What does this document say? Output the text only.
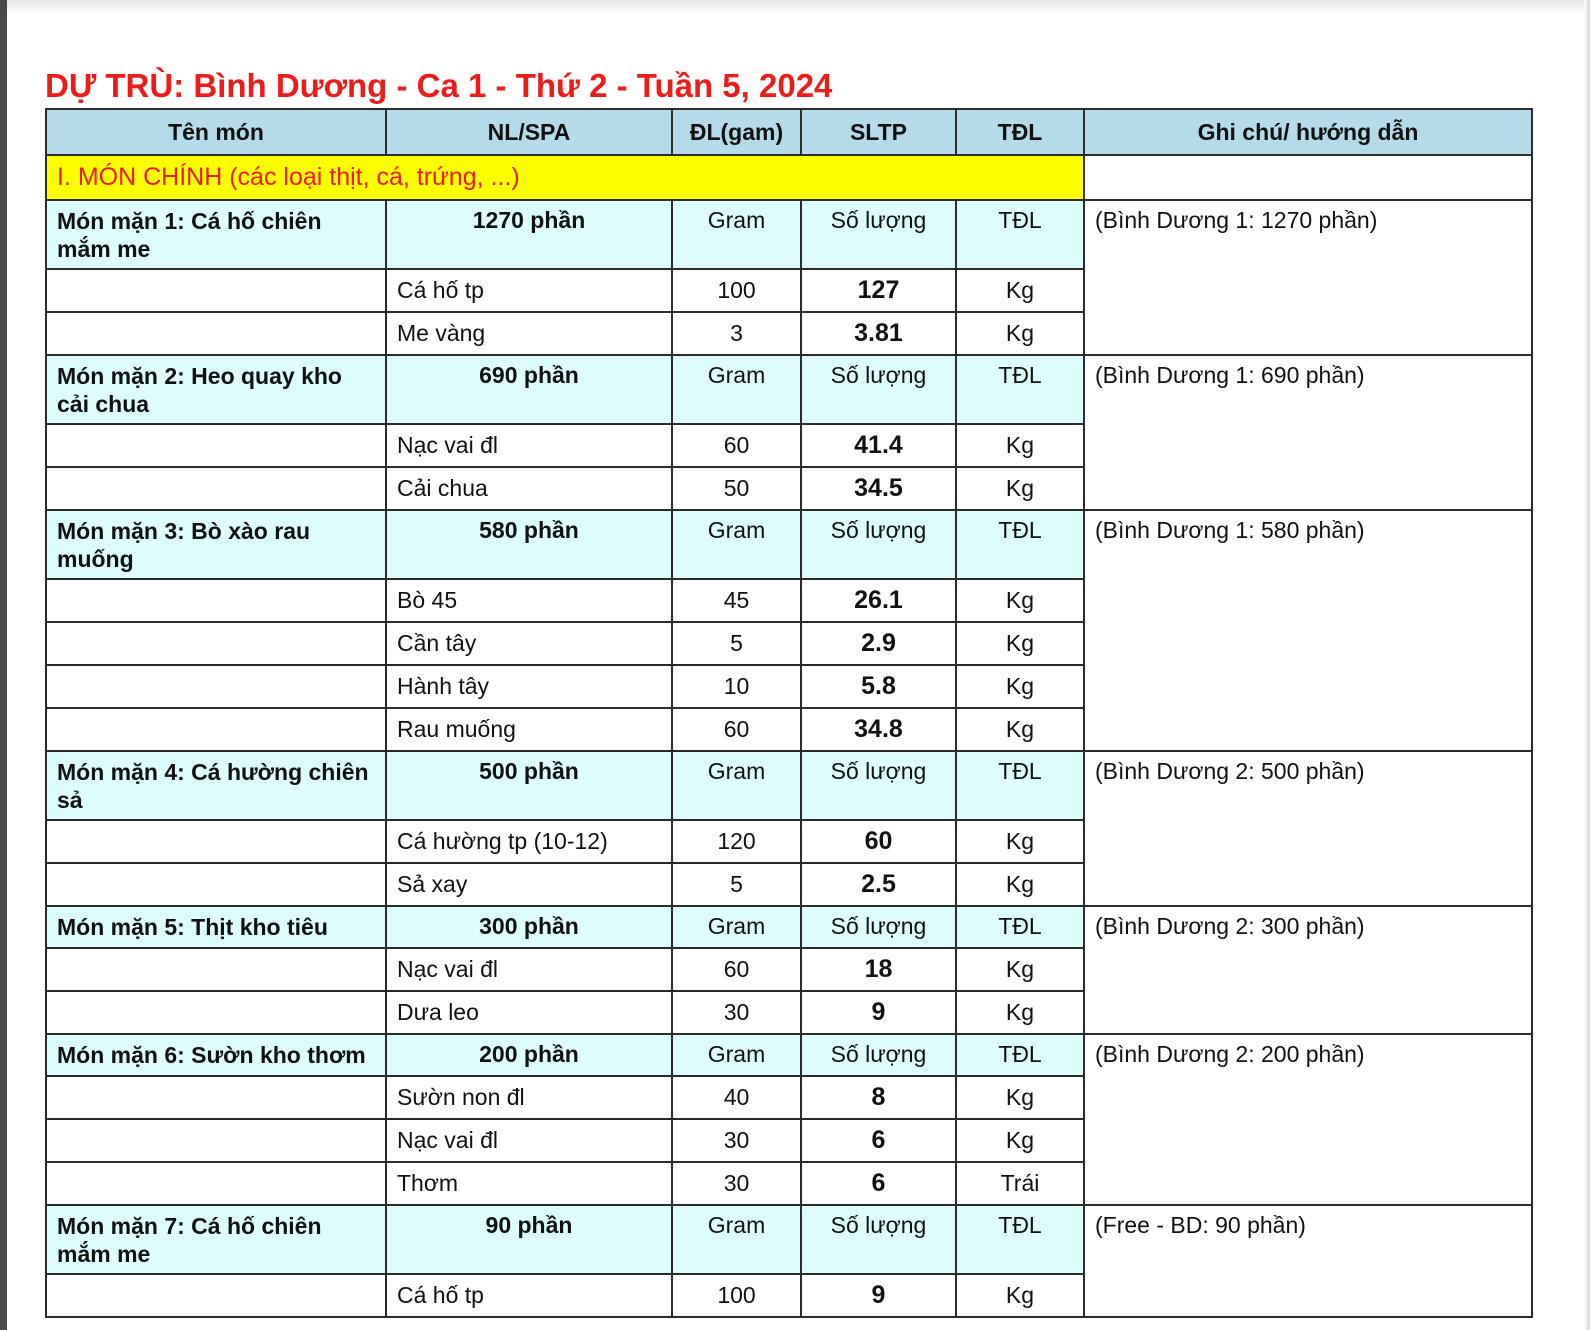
DỰ TRÙ: Bình Dương - Ca 1 - Thứ 2 - Tuần 5, 2024
Tên món	NL/SPA	ĐL(gam)	SLTP	TĐL	Ghi chú/ hướng dẫn
I. MÓN CHÍNH (các loại thịt, cá, trứng, ...)					
Món mặn 1: Cá hố chiên mắm me	1270 phần	Gram	Số lượng	TĐL	(Bình Dương 1: 1270 phần)
	Cá hố tp	100	127	Kg	
	Me vàng	3	3.81	Kg	
Món mặn 2: Heo quay kho cải chua	690 phần	Gram	Số lượng	TĐL	(Bình Dương 1: 690 phần)
	Nạc vai đl	60	41.4	Kg	
	Cải chua	50	34.5	Kg	
Món mặn 3: Bò xào rau muống	580 phần	Gram	Số lượng	TĐL	(Bình Dương 1: 580 phần)
	Bò 45	45	26.1	Kg	
	Cần tây	5	2.9	Kg	
	Hành tây	10	5.8	Kg	
	Rau muống	60	34.8	Kg	
Món mặn 4: Cá hường chiên sả	500 phần	Gram	Số lượng	TĐL	(Bình Dương 2: 500 phần)
	Cá hường tp (10-12)	120	60	Kg	
	Sả xay	5	2.5	Kg	
Món mặn 5: Thịt kho tiêu	300 phần	Gram	Số lượng	TĐL	(Bình Dương 2: 300 phần)
	Nạc vai đl	60	18	Kg	
	Dưa leo	30	9	Kg	
Món mặn 6: Sườn kho thơm	200 phần	Gram	Số lượng	TĐL	(Bình Dương 2: 200 phần)
	Sườn non đl	40	8	Kg	
	Nạc vai đl	30	6	Kg	
	Thơm	30	6	Trái	
Món mặn 7: Cá hố chiên mắm me	90 phần	Gram	Số lượng	TĐL	(Free - BD: 90 phần)
	Cá hố tp	100	9	Kg	
